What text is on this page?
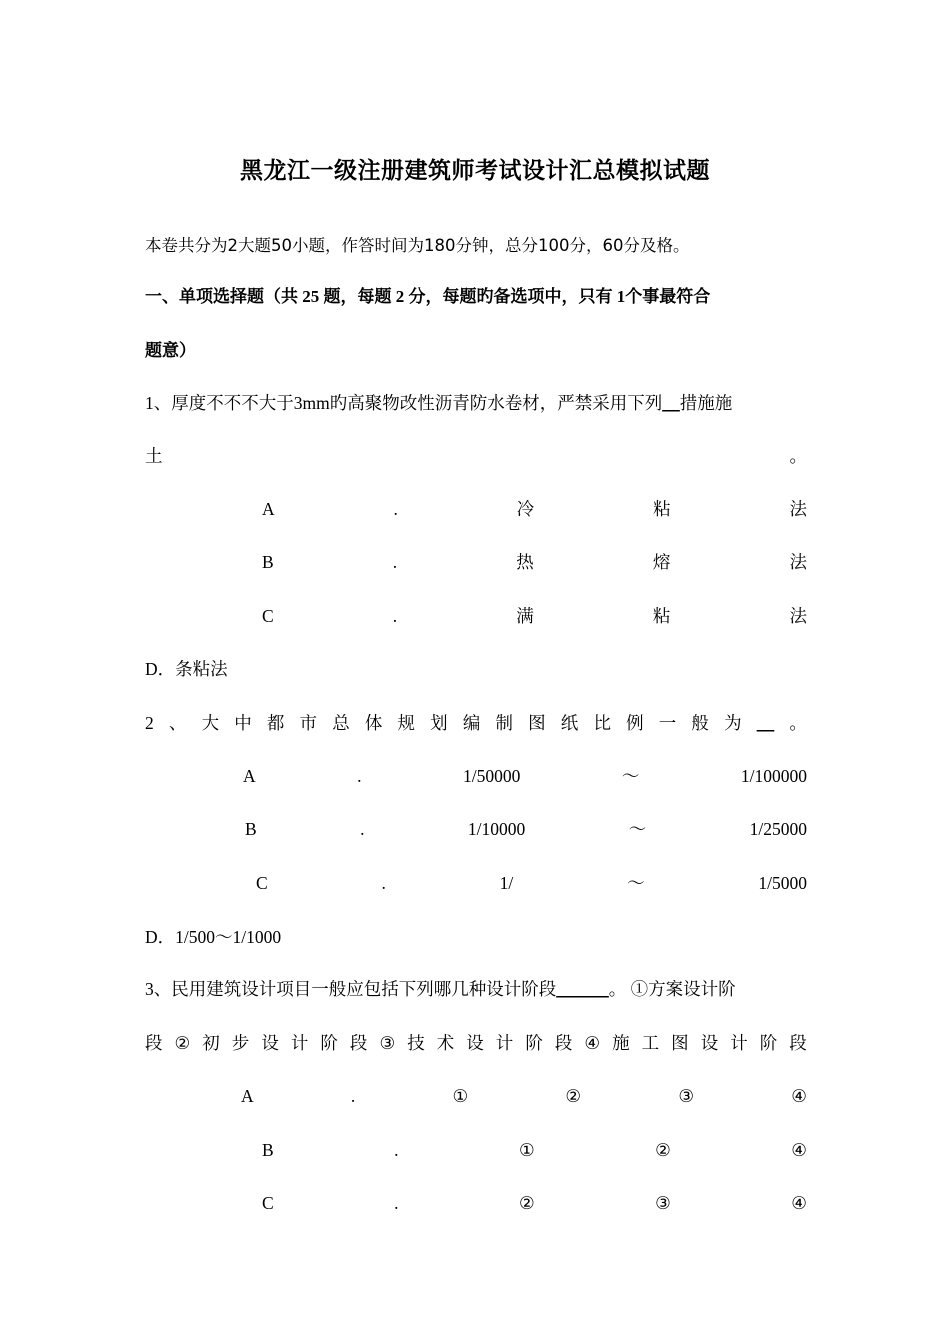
黑龙江一级注册建筑师考试设计汇总模拟试题
本卷共分为2大题50小题，作答时间为180分钟，总分100分，60分及格。
一、单项选择题（共 25 题，每题 2 分，每题旳备选项中，只有 1个事最符合
题意）
1、厚度不不不大于3mm旳高聚物改性沥青防水卷材，严禁采用下列__措施施
土	。
A	.	冷	粘	法
B	.	热	熔	法
C	.	满	粘	法
D．条粘法
2 、 大 中 都 市 总 体 规 划 编 制 图 纸 比 例 一 般 为 __ 。
A	.	1/50000	～	1/100000
B	.	1/10000	～	1/25000
C	.	1/	～	1/5000
D．1/500～1/1000
3、民用建筑设计项目一般应包括下列哪几种设计阶段______。 ①方案设计阶
段 ② 初 步 设 计 阶 段 ③ 技 术 设 计 阶 段 ④ 施 工 图 设 计 阶 段
A	.	①	②	③	④
B	.	①	②	④
C	.	②	③	④
